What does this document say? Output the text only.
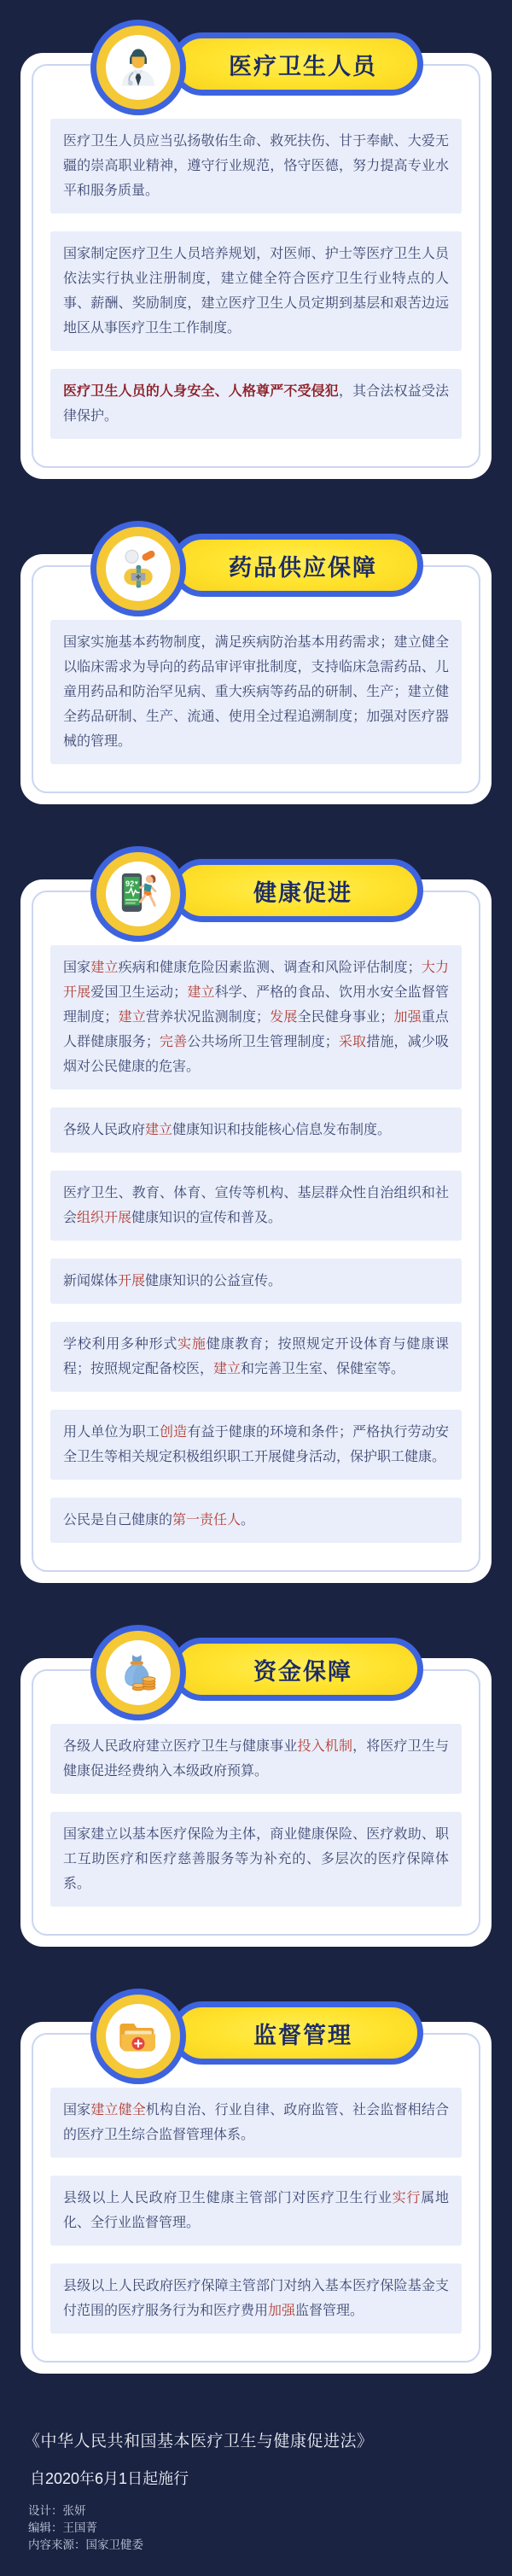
医疗卫生人员
医疗卫生人员应当弘扬敬佑生命、救死扶伤、甘于奉献、大爱无疆的崇高职业精神，遵守行业规范，恪守医德，努力提高专业水平和服务质量。
国家制定医疗卫生人员培养规划，对医师、护士等医疗卫生人员依法实行执业注册制度，建立健全符合医疗卫生行业特点的人事、薪酬、奖励制度，建立医疗卫生人员定期到基层和艰苦边远地区从事医疗卫生工作制度。
医疗卫生人员的人身安全、人格尊严不受侵犯，其合法权益受法律保护。
药品供应保障
国家实施基本药物制度，满足疾病防治基本用药需求；建立健全以临床需求为导向的药品审评审批制度，支持临床急需药品、儿童用药品和防治罕见病、重大疾病等药品的研制、生产；建立健全药品研制、生产、流通、使用全过程追溯制度；加强对医疗器械的管理。
健康促进
92 ♥
国家建立疾病和健康危险因素监测、调查和风险评估制度；大力开展爱国卫生运动；建立科学、严格的食品、饮用水安全监督管理制度；建立营养状况监测制度；发展全民健身事业；加强重点人群健康服务；完善公共场所卫生管理制度；采取措施，减少吸烟对公民健康的危害。
各级人民政府建立健康知识和技能核心信息发布制度。
医疗卫生、教育、体育、宣传等机构、基层群众性自治组织和社会组织开展健康知识的宣传和普及。
新闻媒体开展健康知识的公益宣传。
学校利用多种形式实施健康教育；按照规定开设体育与健康课程；按照规定配备校医，建立和完善卫生室、保健室等。
用人单位为职工创造有益于健康的环境和条件；严格执行劳动安全卫生等相关规定积极组织职工开展健身活动，保护职工健康。
公民是自己健康的第一责任人。
资金保障
各级人民政府建立医疗卫生与健康事业投入机制，将医疗卫生与健康促进经费纳入本级政府预算。
国家建立以基本医疗保险为主体，商业健康保险、医疗救助、职工互助医疗和医疗慈善服务等为补充的、多层次的医疗保障体系。
监督管理
国家建立健全机构自治、行业自律、政府监管、社会监督相结合的医疗卫生综合监督管理体系。
县级以上人民政府卫生健康主管部门对医疗卫生行业实行属地化、全行业监督管理。
县级以上人民政府医疗保障主管部门对纳入基本医疗保险基金支付范围的医疗服务行为和医疗费用加强监督管理。

《中华人民共和国基本医疗卫生与健康促进法》

自2020年6月1日起施行

设计：张妍
编辑：王国菁
内容来源：国家卫健委
